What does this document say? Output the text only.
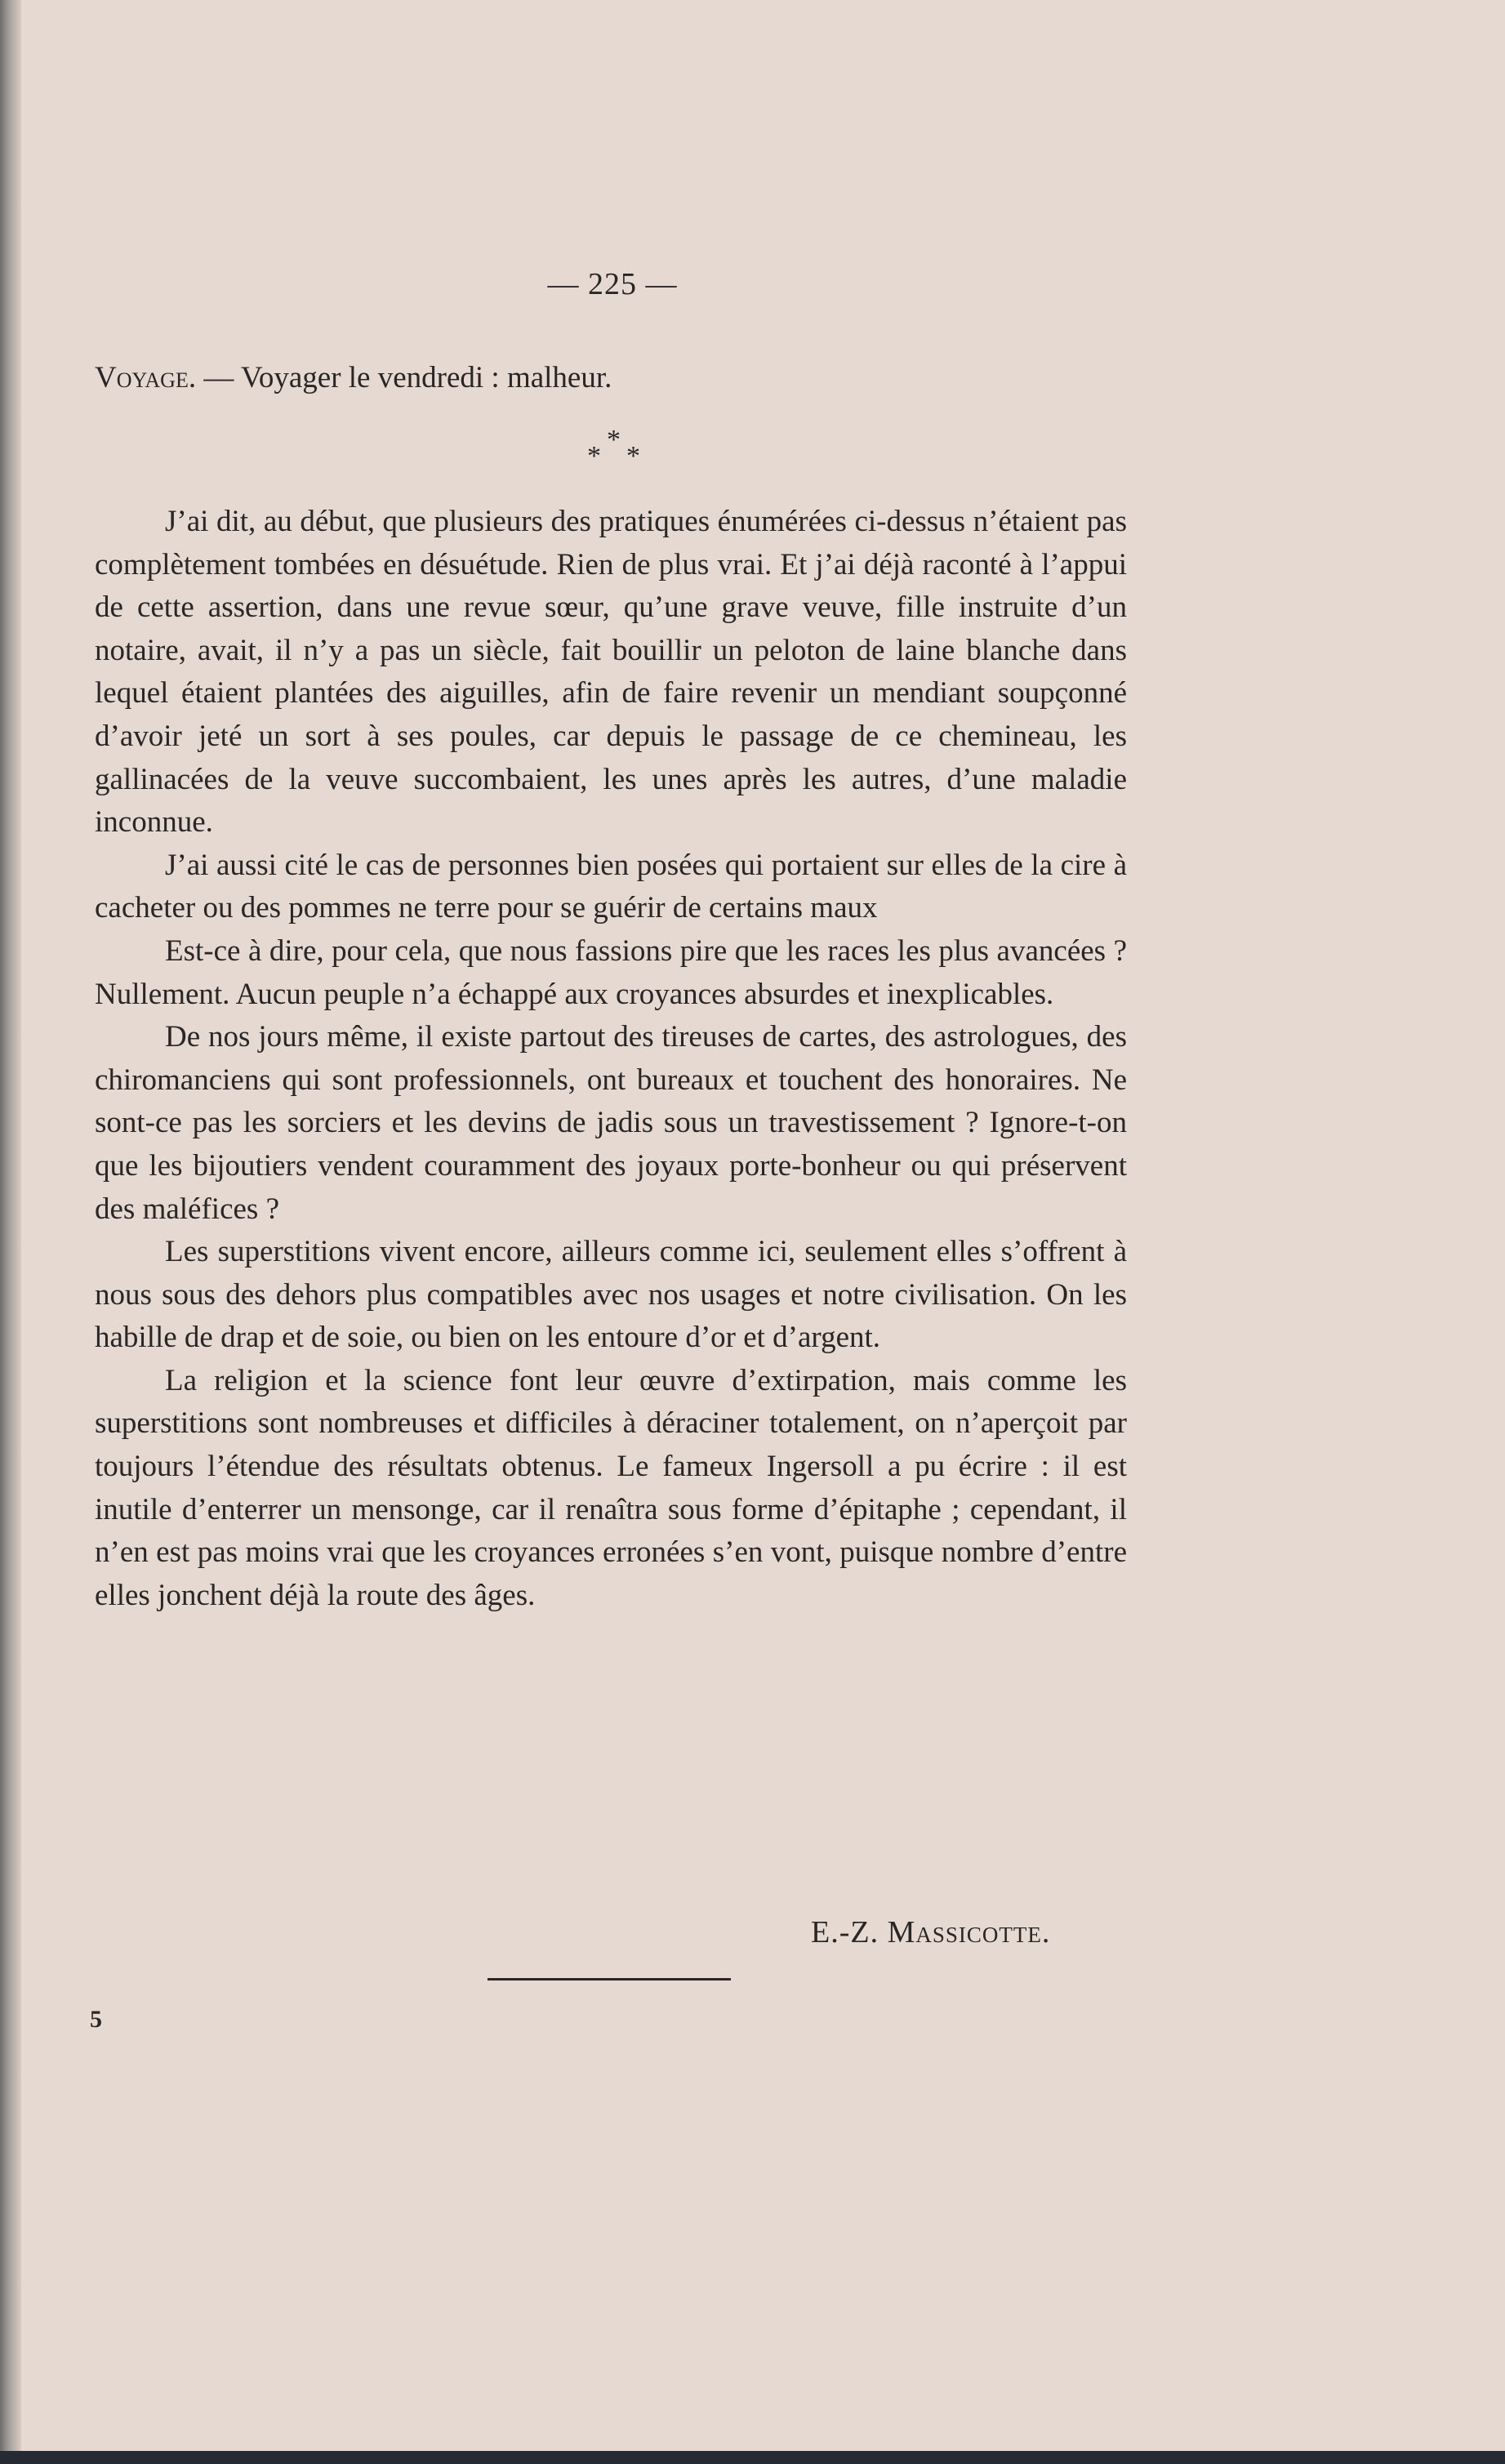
— 225 —
Voyage. — Voyager le vendredi : malheur.
*
* *

J’ai dit, au début, que plusieurs des pratiques énumérées ci-dessus n’étaient pas complètement tombées en désuétude. Rien de plus vrai. Et j’ai déjà raconté à l’appui de cette assertion, dans une revue sœur, qu’une grave veuve, fille instruite d’un notaire, avait, il n’y a pas un siècle, fait bouillir un peloton de laine blanche dans lequel étaient plantées des aiguilles, afin de faire revenir un mendiant soupçonné d’avoir jeté un sort à ses poules, car depuis le passage de ce chemineau, les gallinacées de la veuve succombaient, les unes après les autres, d’une maladie inconnue.

J’ai aussi cité le cas de personnes bien posées qui portaient sur elles de la cire à cacheter ou des pommes ne terre pour se guérir de certains maux

Est-ce à dire, pour cela, que nous fassions pire que les races les plus avancées ? Nullement. Aucun peuple n’a échappé aux croyances absurdes et inexplicables.

De nos jours même, il existe partout des tireuses de cartes, des astrologues, des chiromanciens qui sont professionnels, ont bureaux et touchent des honoraires. Ne sont-ce pas les sorciers et les devins de jadis sous un travestissement ? Ignore-t-on que les bijoutiers vendent couramment des joyaux porte-bonheur ou qui préservent des maléfices ?

Les superstitions vivent encore, ailleurs comme ici, seulement elles s’offrent à nous sous des dehors plus compatibles avec nos usages et notre civilisation. On les habille de drap et de soie, ou bien on les entoure d’or et d’argent.

La religion et la science font leur œuvre d’extirpation, mais comme les superstitions sont nombreuses et difficiles à déraciner totalement, on n’aperçoit par toujours l’étendue des résultats obtenus. Le fameux Ingersoll a pu écrire : il est inutile d’enterrer un mensonge, car il renaîtra sous forme d’épitaphe ; cependant, il n’en est pas moins vrai que les croyances erronées s’en vont, puisque nombre d’entre elles jonchent déjà la route des âges.

E.-Z. Massicotte.
5
